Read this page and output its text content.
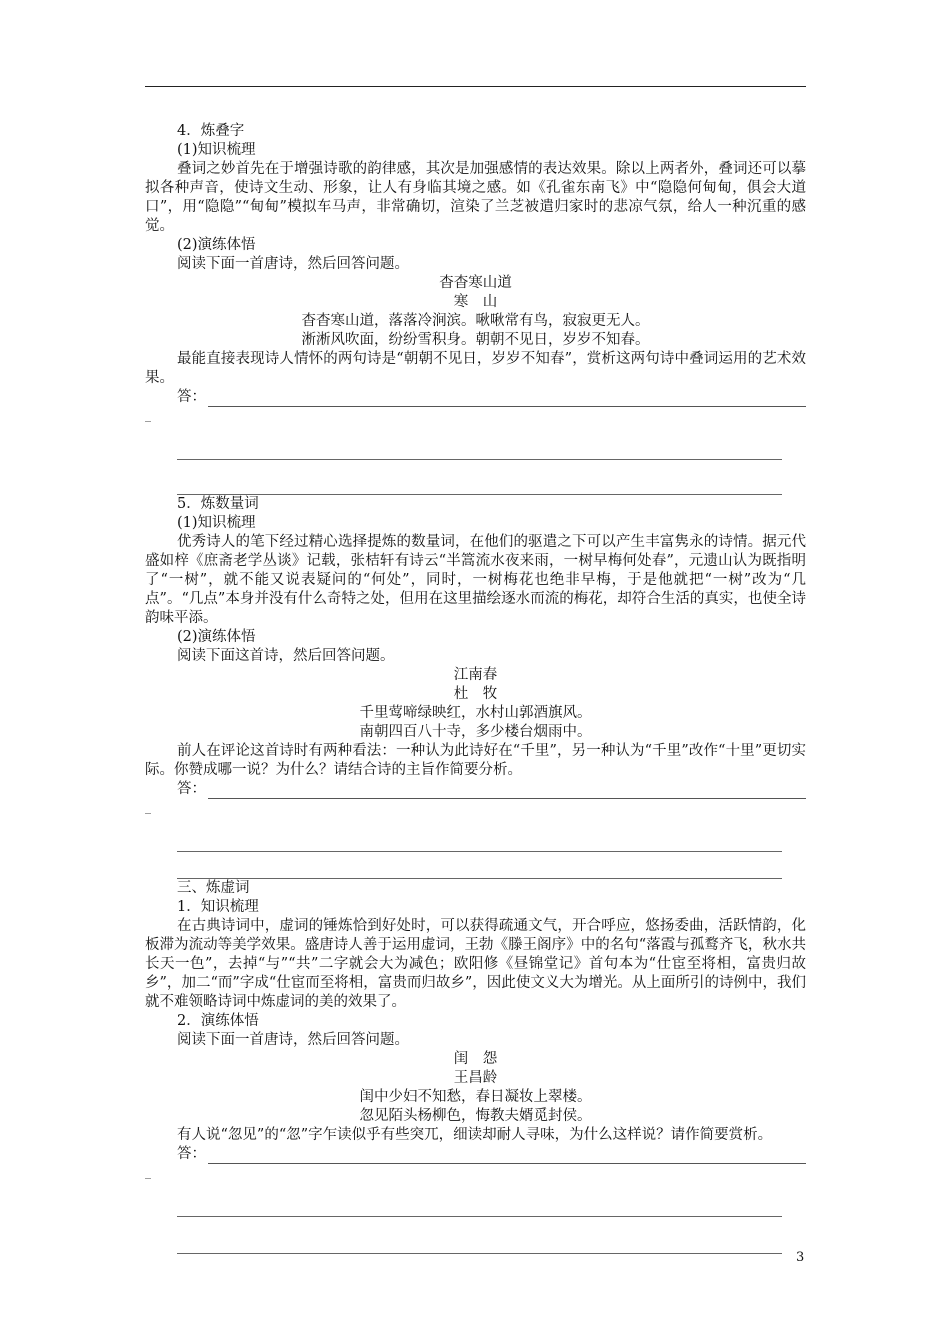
4．炼叠字
(1)知识梳理
叠词之妙首先在于增强诗歌的韵律感，其次是加强感情的表达效果。除以上两者外，叠词还可以摹拟各种声音，使诗文生动、形象，让人有身临其境之感。如《孔雀东南飞》中“隐隐何甸甸，俱会大道口”，用“隐隐”“甸甸”模拟车马声，非常确切，渲染了兰芝被遣归家时的悲凉气氛，给人一种沉重的感觉。
(2)演练体悟
阅读下面一首唐诗，然后回答问题。
杳杳寒山道
寒　山
杳杳寒山道，落落冷涧滨。啾啾常有鸟，寂寂更无人。
淅淅风吹面，纷纷雪积身。朝朝不见日，岁岁不知春。
最能直接表现诗人情怀的两句诗是“朝朝不见日，岁岁不知春”，赏析这两句诗中叠词运用的艺术效果。
答：
_
5．炼数量词
(1)知识梳理
优秀诗人的笔下经过精心选择提炼的数量词，在他们的驱遣之下可以产生丰富隽永的诗情。据元代盛如梓《庶斋老学丛谈》记载，张桔轩有诗云“半篙流水夜来雨，一树早梅何处春”，元遗山认为既指明了“一树”，就不能又说表疑问的“何处”，同时，一树梅花也绝非早梅，于是他就把“一树”改为“几点”。“几点”本身并没有什么奇特之处，但用在这里描绘逐水而流的梅花，却符合生活的真实，也使全诗韵味平添。
(2)演练体悟
阅读下面这首诗，然后回答问题。
江南春
杜　牧
千里莺啼绿映红，水村山郭酒旗风。
南朝四百八十寺，多少楼台烟雨中。
前人在评论这首诗时有两种看法：一种认为此诗好在“千里”，另一种认为“千里”改作“十里”更切实际。你赞成哪一说？为什么？请结合诗的主旨作简要分析。
答：
_
三、炼虚词
1．知识梳理
在古典诗词中，虚词的锤炼恰到好处时，可以获得疏通文气，开合呼应，悠扬委曲，活跃情韵，化板滞为流动等美学效果。盛唐诗人善于运用虚词，王勃《滕王阁序》中的名句“落霞与孤鹜齐飞，秋水共长天一色”，去掉“与”“共”二字就会大为减色；欧阳修《昼锦堂记》首句本为“仕宦至将相，富贵归故乡”，加二“而”字成“仕宦而至将相，富贵而归故乡”，因此使文义大为增光。从上面所引的诗例中，我们就不难领略诗词中炼虚词的美的效果了。
2．演练体悟
阅读下面一首唐诗，然后回答问题。
闺　怨
王昌龄
闺中少妇不知愁，春日凝妆上翠楼。
忽见陌头杨柳色，悔教夫婿觅封侯。
有人说“忽见”的“忽”字乍读似乎有些突兀，细读却耐人寻味，为什么这样说？请作简要赏析。
答：
_
3
